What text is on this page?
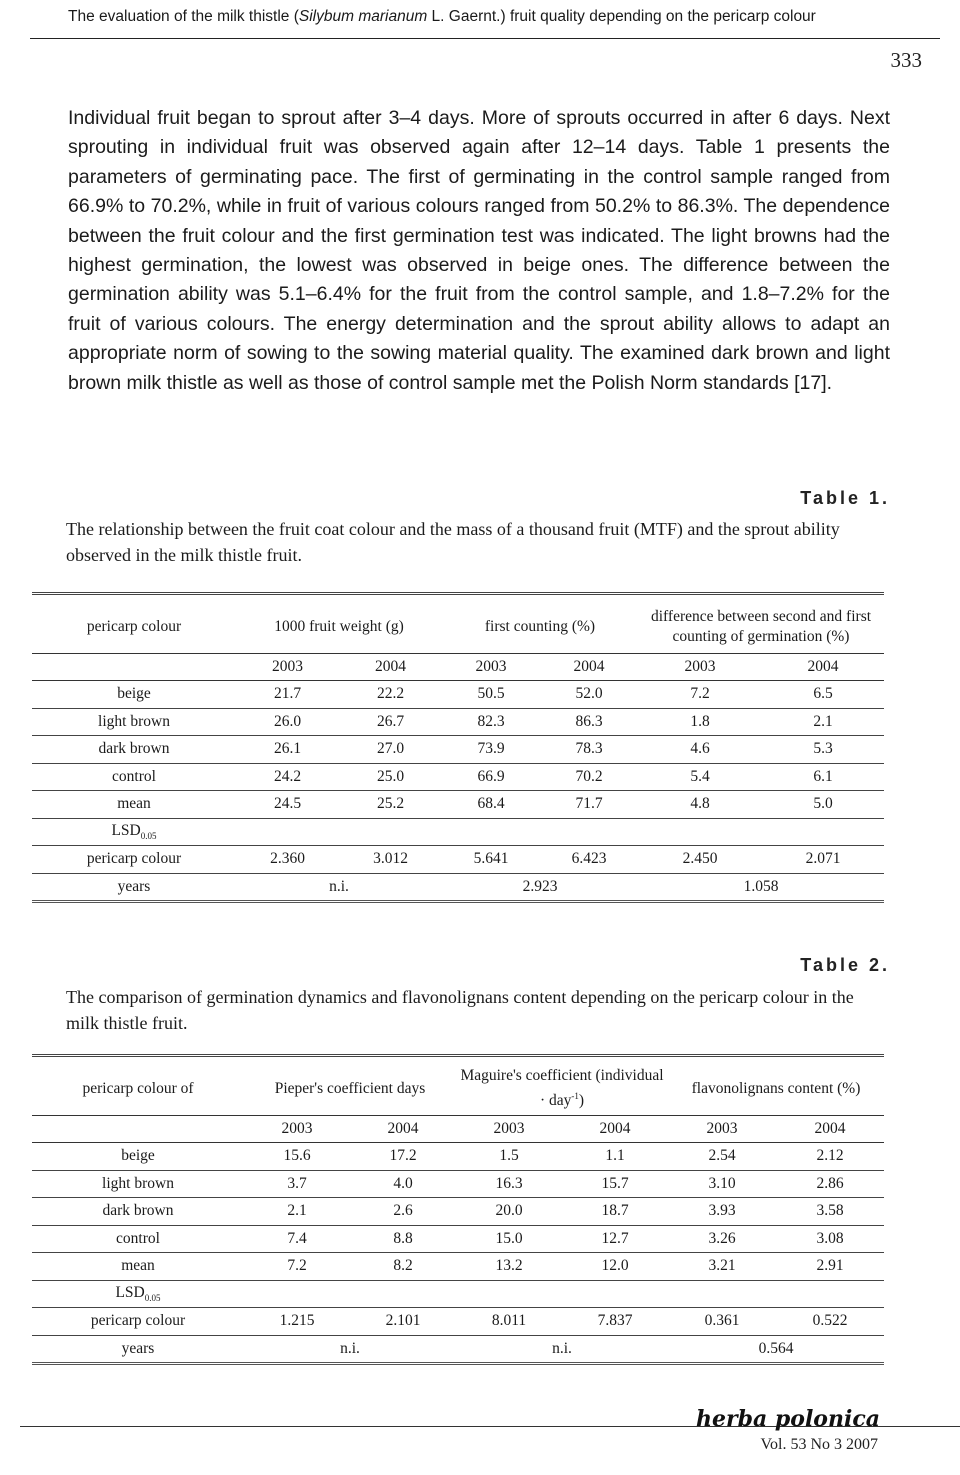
The evaluation of the milk thistle (Silybum marianum L. Gaernt.) fruit quality depending on the pericarp colour
333

Individual fruit began to sprout after 3–4 days. More of sprouts occurred in after 6 days. Next sprouting in individual fruit was observed again after 12–14 days. Table 1 presents the parameters of germinating pace. The first of germinating in the control sample ranged from 66.9% to 70.2%, while in fruit of various colours ranged from 50.2% to 86.3%. The dependence between the fruit colour and the first germination test was indicated. The light browns had the highest germination, the lowest was observed in beige ones. The difference between the germination ability was 5.1–6.4% for the fruit from the control sample, and 1.8–7.2% for the fruit of various colours. The energy determination and the sprout ability allows to adapt an appropriate norm of sowing to the sowing material quality. The examined dark brown and light brown milk thistle as well as those of control sample met the Polish Norm standards [17].

Table 1.
The relationship between the fruit coat colour and the mass of a thousand fruit (MTF) and the sprout ability observed in the milk thistle fruit.

pericarp colour	1000 fruit weight (g)		first counting (%)		difference between second and first counting of germination (%)	
	2003	2004	2003	2004	2003	2004
beige	21.7	22.2	50.5	52.0	7.2	6.5
light brown	26.0	26.7	82.3	86.3	1.8	2.1
dark brown	26.1	27.0	73.9	78.3	4.6	5.3
control	24.2	25.0	66.9	70.2	5.4	6.1
mean	24.5	25.2	68.4	71.7	4.8	5.0
$LSD_{0.05}$	
pericarp colour	2.360	3.012	5.641	6.423	2.450	2.071
years	n.i.		2.923		1.058	
Table 2.
The comparison of germination dynamics and flavonolignans content depending on the pericarp colour in the milk thistle fruit.

pericarp colour of	Pieper's coefficient days		Maguire's coefficient (individual · day$^{-1}$)		flavonolignans content (%)	
	2003	2004	2003	2004	2003	2004
beige	15.6	17.2	1.5	1.1	2.54	2.12
light brown	3.7	4.0	16.3	15.7	3.10	2.86
dark brown	2.1	2.6	20.0	18.7	3.93	3.58
control	7.4	8.8	15.0	12.7	3.26	3.08
mean	7.2	8.2	13.2	12.0	3.21	2.91
$LSD_{0.05}$	
pericarp colour	1.215	2.101	8.011	7.837	0.361	0.522
years	n.i.		n.i.		0.564	
herba polonica
Vol. 53 No 3 2007
